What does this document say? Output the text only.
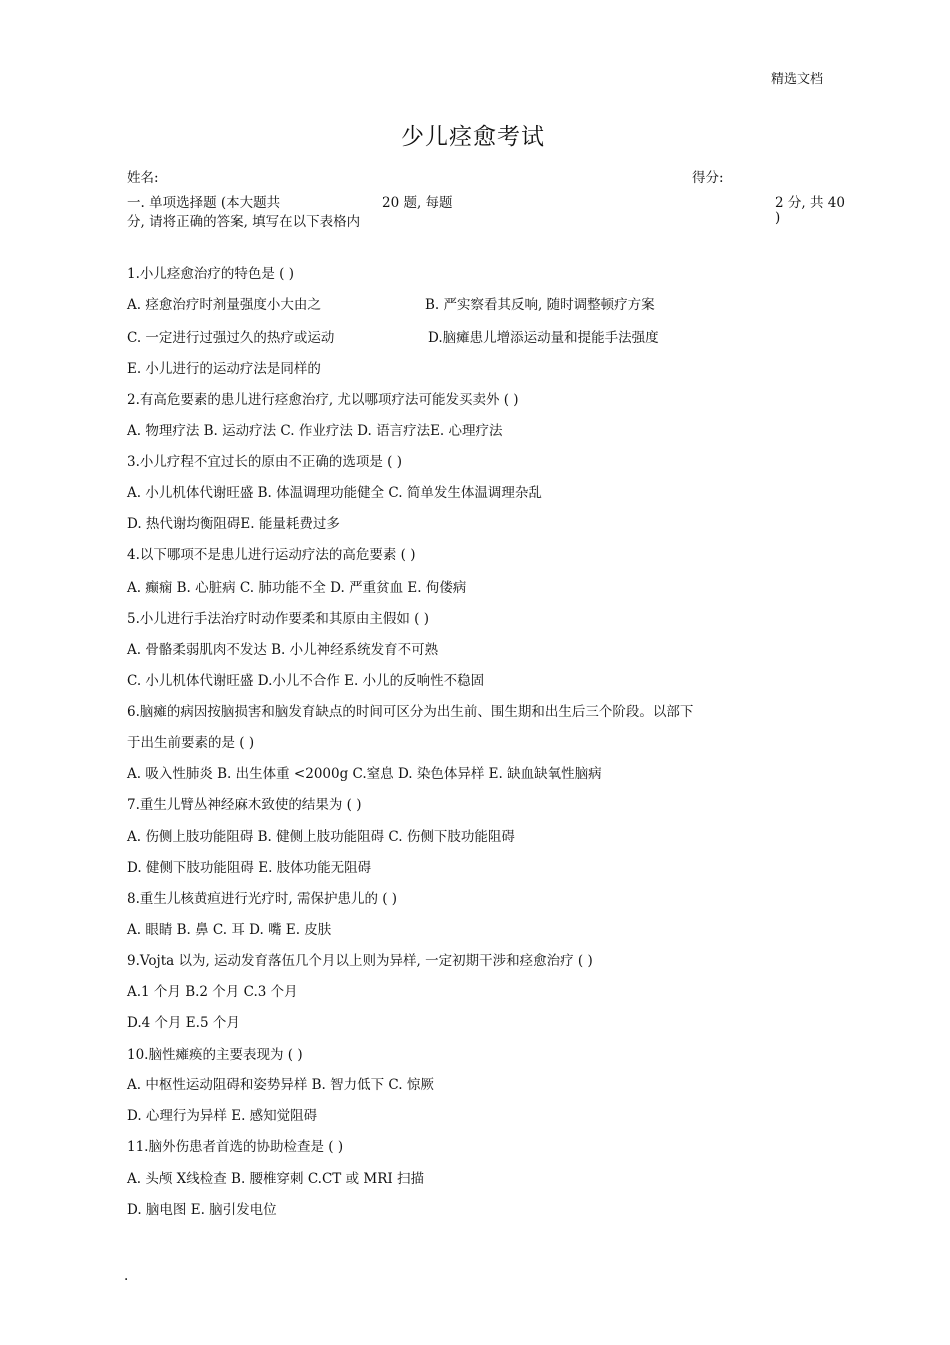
精选文档
少儿痉愈考试
姓名:	得分:
一. 单项选择题 (本大题共	20 题, 每题	2 分, 共 40
分, 请将正确的答案, 填写在以下表格内	)
1.小儿痉愈治疗的特色是 ( )
A. 痉愈治疗时剂量强度小大由之	B. 严实察看其反响, 随时调整顿疗方案
C. 一定进行过强过久的热疗或运动	D.脑瘫患儿增添运动量和提能手法强度
E. 小儿进行的运动疗法是同样的
2.有高危要素的患儿进行痉愈治疗, 尤以哪项疗法可能发买卖外 ( )
A. 物理疗法 B. 运动疗法 C. 作业疗法 D. 语言疗法E. 心理疗法
3.小儿疗程不宜过长的原由不正确的选项是 ( )
A. 小儿机体代谢旺盛 B. 体温调理功能健全 C. 简单发生体温调理杂乱
D. 热代谢均衡阻碍E. 能量耗费过多
4.以下哪项不是患儿进行运动疗法的高危要素 ( )
A. 癫痫 B. 心脏病 C. 肺功能不全 D. 严重贫血 E. 佝偻病
5.小儿进行手法治疗时动作要柔和其原由主假如 ( )
A. 骨骼柔弱肌肉不发达 B. 小儿神经系统发育不可熟
C. 小儿机体代谢旺盛 D.小儿不合作 E. 小儿的反响性不稳固
6.脑瘫的病因按脑损害和脑发育缺点的时间可区分为出生前、围生期和出生后三个阶段。以部下
于出生前要素的是 ( )
A. 吸入性肺炎 B. 出生体重 <2000g C.窒息 D. 染色体异样 E. 缺血缺氧性脑病
7.重生儿臂丛神经麻木致使的结果为 ( )
A. 伤侧上肢功能阻碍 B. 健侧上肢功能阻碍 C. 伤侧下肢功能阻碍
D. 健侧下肢功能阻碍 E. 肢体功能无阻碍
8.重生儿核黄疸进行光疗时, 需保护患儿的 ( )
A. 眼睛 B. 鼻 C. 耳 D. 嘴 E. 皮肤
9.Vojta 以为, 运动发育落伍几个月以上则为异样, 一定初期干涉和痉愈治疗 ( )
A.1 个月 B.2 个月 C.3 个月
D.4 个月 E.5 个月
10.脑性瘫痪的主要表现为 ( )
A. 中枢性运动阻碍和姿势异样 B. 智力低下 C. 惊厥
D. 心理行为异样 E. 感知觉阻碍
11.脑外伤患者首选的协助检查是 ( )
A. 头颅 X线检查 B. 腰椎穿刺 C.CT 或 MRI 扫描
D. 脑电图 E. 脑引发电位
.
